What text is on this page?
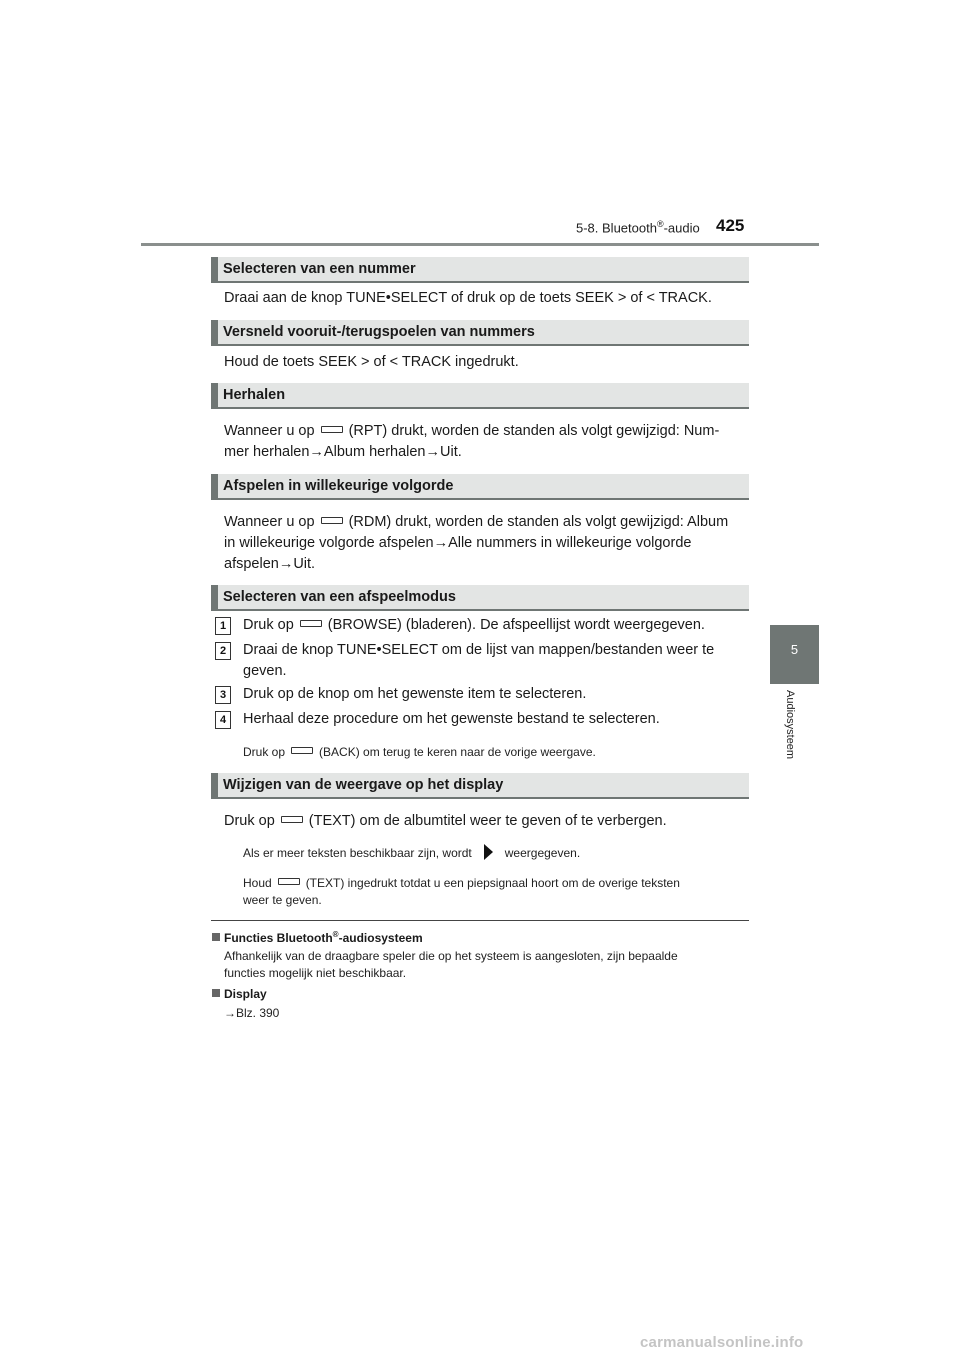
5-8. Bluetooth®-audio 425
5
Audiosysteem
Selecteren van een nummer
Draai aan de knop TUNE•SELECT of druk op de toets SEEK > of < TRACK.
Versneld vooruit-/terugspoelen van nummers
Houd de toets SEEK > of < TRACK ingedrukt.
Herhalen
Wanneer u op (RPT) drukt, worden de standen als volgt gewijzigd: Num-
mer herhalen→Album herhalen→Uit.
Afspelen in willekeurige volgorde
Wanneer u op (RDM) drukt, worden de standen als volgt gewijzigd: Album
in willekeurige volgorde afspelen→Alle nummers in willekeurige volgorde
afspelen→Uit.
Selecteren van een afspeelmodus
1	Druk op (BROWSE) (bladeren). De afspeellijst wordt weergegeven.
2	Draai de knop TUNE•SELECT om de lijst van mappen/bestanden weer te
geven.
3	Druk op de knop om het gewenste item te selecteren.
4	Herhaal deze procedure om het gewenste bestand te selecteren.
Druk op	(BACK) om terug te keren naar de vorige weergave.
Wijzigen van de weergave op het display
Druk op (TEXT) om de albumtitel weer te geven of te verbergen.
Als er meer teksten beschikbaar zijn, wordt	weergegeven.
Houd	(TEXT) ingedrukt totdat u een piepsignaal hoort om de overige teksten
weer te geven.
Functies Bluetooth®-audiosysteem
Afhankelijk van de draagbare speler die op het systeem is aangesloten, zijn bepaalde
functies mogelijk niet beschikbaar.
Display
→Blz. 390
carmanualsonline.info
